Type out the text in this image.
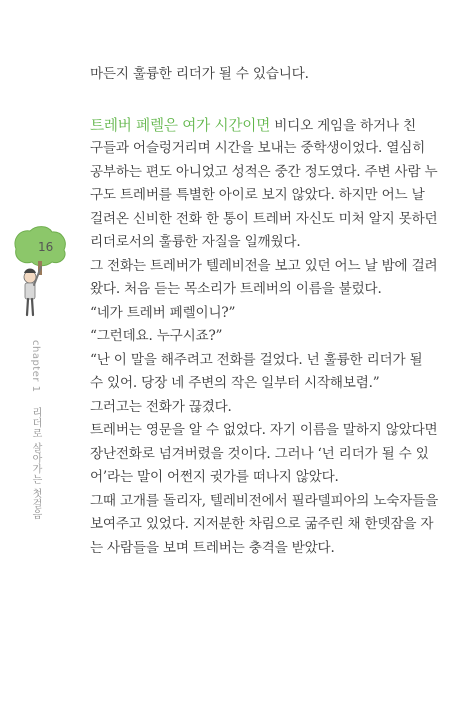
16
chapter 1    리더로 살아가는 첫걸음
마든지 훌륭한 리더가 될 수 있습니다.
트레버 페렐은 여가 시간이면 비디오 게임을 하거나 친
구들과 어슬렁거리며 시간을 보내는 중학생이었다. 열심히
공부하는 편도 아니었고 성적은 중간 정도였다. 주변 사람 누
구도 트레버를 특별한 아이로 보지 않았다. 하지만 어느 날
걸려온 신비한 전화 한 통이 트레버 자신도 미처 알지 못하던
리더로서의 훌륭한 자질을 일깨웠다.
그 전화는 트레버가 텔레비전을 보고 있던 어느 날 밤에 걸려
왔다. 처음 듣는 목소리가 트레버의 이름을 불렀다.
“네가 트레버 페렐이니?”
“그런데요. 누구시죠?”
“난 이 말을 해주려고 전화를 걸었다. 넌 훌륭한 리더가 될
수 있어. 당장 네 주변의 작은 일부터 시작해보렴.”
그러고는 전화가 끊겼다.
트레버는 영문을 알 수 없었다. 자기 이름을 말하지 않았다면
장난전화로 넘겨버렸을 것이다. 그러나 ‘넌 리더가 될 수 있
어’라는 말이 어쩐지 귓가를 떠나지 않았다.
그때 고개를 돌리자, 텔레비전에서 필라델피아의 노숙자들을
보여주고 있었다. 지저분한 차림으로 굶주린 채 한뎃잠을 자
는 사람들을 보며 트레버는 충격을 받았다.
